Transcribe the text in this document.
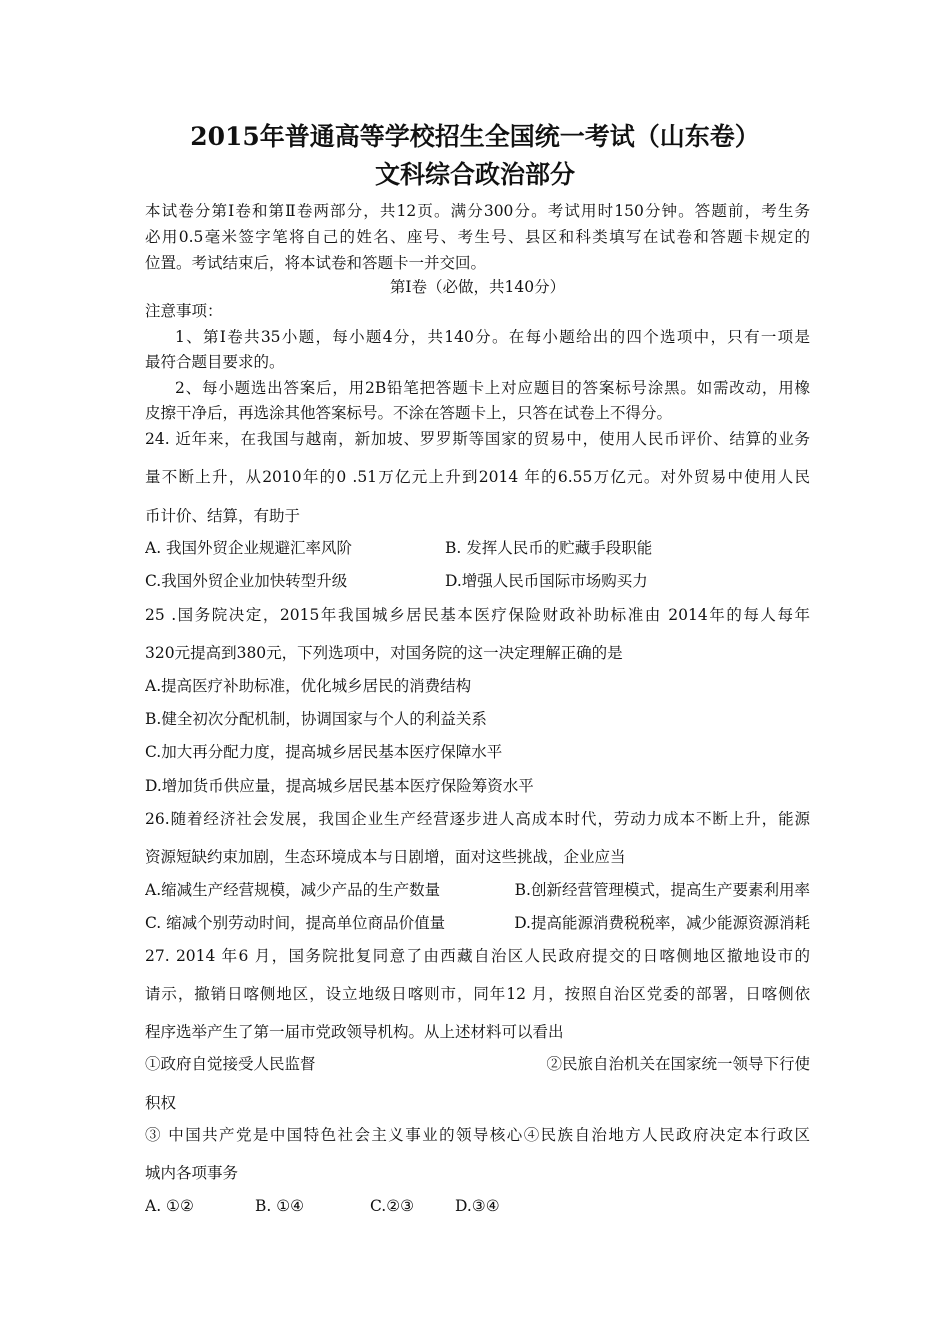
2015年普通高等学校招生全国统一考试（山东卷）
文科综合政治部分
本试卷分第Ⅰ卷和第Ⅱ卷两部分，共12页。满分300分。考试用时150分钟。答题前，考生务
必用0.5毫米签字笔将自己的姓名、座号、考生号、县区和科类填写在试卷和答题卡规定的
位置。考试结束后，将本试卷和答题卡一并交回。
第Ⅰ卷（必做，共140分）
注意事项：
1、第Ⅰ卷共35小题，每小题4分，共140分。在每小题给出的四个选项中，只有一项是
最符合题目要求的。
2、每小题选出答案后，用2B铅笔把答题卡上对应题目的答案标号涂黑。如需改动，用橡
皮擦干净后，再选涂其他答案标号。不涂在答题卡上，只答在试卷上不得分。
24. 近年来，在我国与越南，新加坡、罗罗斯等国家的贸易中，使用人民币评价、结算的业务
量不断上升，从2010年的0 .51万亿元上升到2014 年的6.55万亿元。对外贸易中使用人民
币计价、结算，有助于
A. 我国外贸企业规避汇率风阶	B. 发挥人民币的贮藏手段职能
C.我国外贸企业加快转型升级	D.增强人民币国际市场购买力
25 .国务院决定，2015年我国城乡居民基本医疗保险财政补助标准由 2014年的每人每年
320元提高到380元，下列选项中，对国务院的这一决定理解正确的是
A.提高医疗补助标准，优化城乡居民的消费结构
B.健全初次分配机制，协调国家与个人的利益关系
C.加大再分配力度，提高城乡居民基本医疗保障水平
D.增加货币供应量，提高城乡居民基本医疗保险筹资水平
26.随着经济社会发展，我国企业生产经营逐步进人高成本时代，劳动力成本不断上升，能源
资源短缺约束加剧，生态环境成本与日剧增，面对这些挑战，企业应当
A.缩减生产经营规模，减少产品的生产数量	B.创新经营管理模式，提高生产要素利用率
C. 缩减个别劳动时间，提高单位商品价值量	D.提高能源消费税税率，减少能源资源消耗
27. 2014 年6 月，国务院批复同意了由西藏自治区人民政府提交的日喀侧地区撤地设市的
请示，撤销日喀侧地区，设立地级日喀则市，同年12 月，按照自治区党委的部署，日喀侧依
程序选举产生了第一届市党政领导机构。从上述材料可以看出
①政府自觉接受人民监督	②民旅自治机关在国家统一领导下行使
积权
③ 中国共产党是中国特色社会主义事业的领导核心④民族自治地方人民政府决定本行政区
城内各项事务
A. ①②	B. ①④	C.②③	D.③④
